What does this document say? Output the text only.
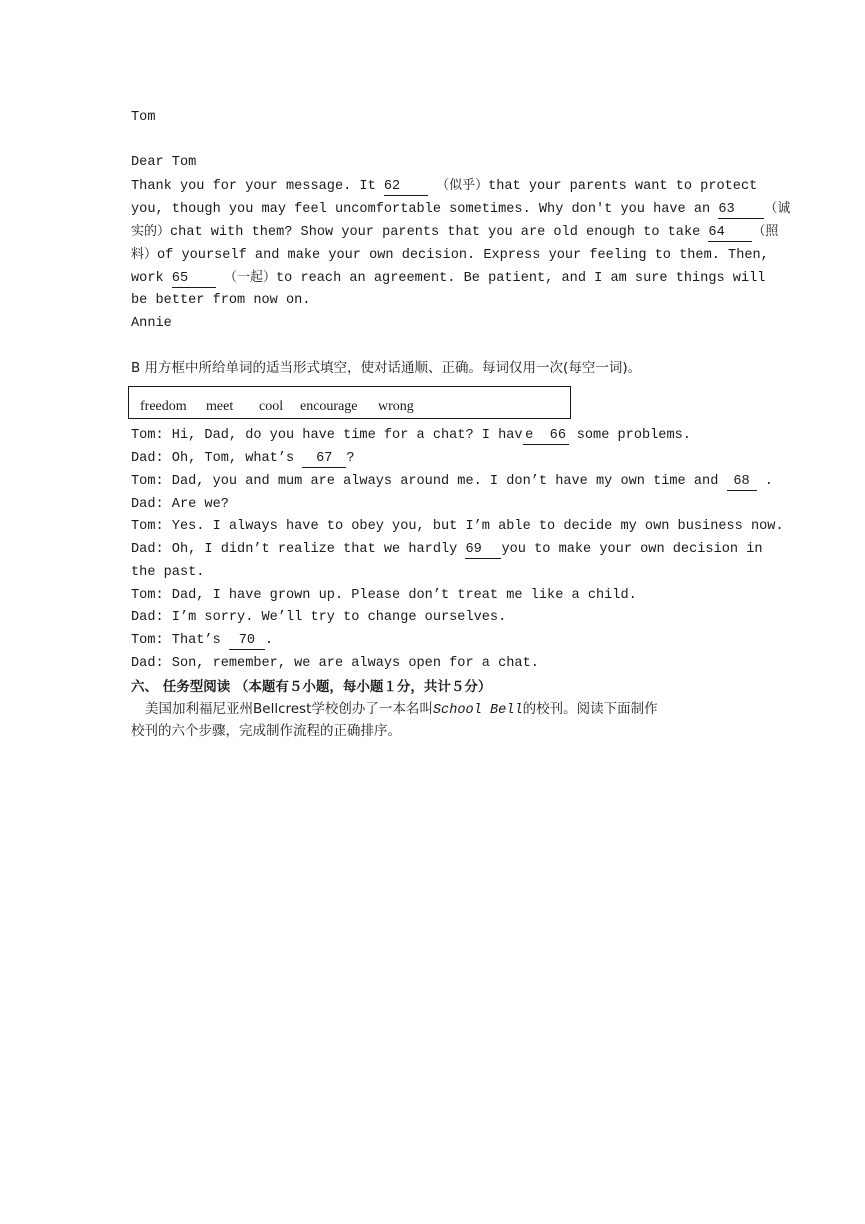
Tom
Dear Tom
Thank you for your message. It 62	（似乎）that your parents want to protect
you, though you may feel uncomfortable sometimes. Why don't you have an 63 （诚
实的）chat with them? Show your parents that you are old enough to take 64 （照
料）of yourself and make your own decision. Express your feeling to them. Then,
work 65	（一起）to reach an agreement. Be patient, and I am sure things will
be better from now on.
Annie
B 用方框中所给单词的适当形式填空，使对话通顺、正确。每词仅用一次(每空一词)。
freedom meet cool encourage wrong
Tom: Hi, Dad, do you have time for a chat? I hav e 66 some problems.
Dad: Oh, Tom, what’s 67 ?
Tom: Dad, you and mum are always around me. I don’t have my own time and 68 .
Dad: Are we?
Tom: Yes. I always have to obey you, but I’m able to decide my own business now.
Dad: Oh, I didn’t realize that we hardly 69 you to make your own decision in
the past.
Tom: Dad, I have grown up. Please don’t treat me like a child.
Dad: I’m sorry. We’ll try to change ourselves.
Tom: That’s 70 .
Dad: Son, remember, we are always open for a chat.
六、 任务型阅读 （本题有５小题，每小题１分，共计５分）
美国加利福尼亚州Bellcrest学校创办了一本名叫School Bell的校刊。阅读下面制作
校刊的六个步骤，完成制作流程的正确排序。
